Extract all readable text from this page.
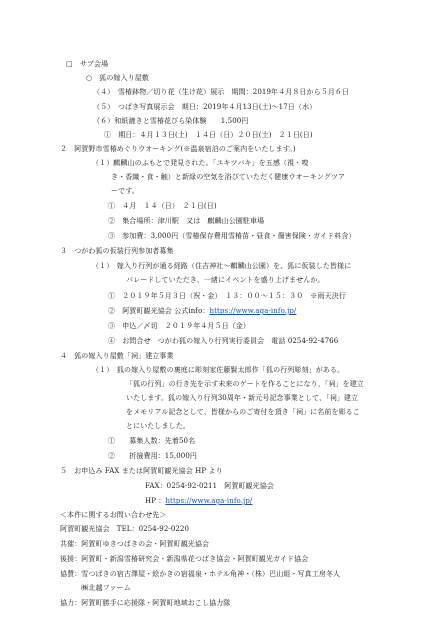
□　サブ会場
○　狐の嫁入り屋敷
（４）　雪椿鉢物／切り花（生け花）展示　期間：2019年４月８日から５月６日
（５）　つばき写真展示会　期日：2019年４月13日(土)～17日（水）
（６）和紙漉きと雪椿花びら染体験　　1,500円
①　期日：４月１３日(土)　１４日（日）２０日(土)　２１日(日)
２　阿賀野市雪椿めぐりウオーキング(※温泉宿泊のご案内をいたします。)
（１）麒麟山のふもとで発見された。「ユキツバキ」を五感（視・嗅
き・香織・食・触）と新緑の空気を浴びていただく健康ウオーキングツア
ーです。
①　４月　１４（日）　２１日(日)
②　集合場所：津川駅　又は　麒麟山公園駐車場
③　参加費：3,000円（雪椿保存費用雪椿苗・昼食・傷害保険・ガイド料含）
３　つがわ狐の仮装行列参加者募集
（１）　嫁入り行列が通る経路（住吉神社～麒麟山公園）を、狐に仮装した皆様に
パレードしていただき、一緒にイベントを盛り上げませんか。
①　２０１９年５月３日（祝・金）　１３：００～１５：３０　※雨天決行
②　阿賀町観光協会 公式info：https://www.aga-info.jp/
③　申込／〆切　２０１９年４月５日（金）
④　お問合せ　つがわ狐の嫁入り行列実行委員会　電話 0254-92-4766
４　狐の嫁入り屋敷「祠」建立事業
（１）　狐の嫁入り屋敷の裏庭に彫刻家佐藤賢太郎作「狐の行列彫刻」がある。
「狐の行列」の行き先を示す未来のゲートを作ることになり、「祠」を建立
いたします。狐の嫁入り行列30周年・新元号記念事業として、「祠」建立
をメモリアル記念として、皆様からのご寄付を頂き「祠」に名前を彫るこ
とにいたしました。
①　　募集人数：先着50名
②　　折撿費用：15,000円
５　お申込み FAX または阿賀町観光協会 HP より
FAX：0254-92-0211　阿賀町観光協会
HP ：https://www.aga-info.jp/
＜本件に関するお問い合わせ先＞
阿賀町観光協会　TEL：0254-92-0220
共催：阿賀町ゆきつばきの会・阿賀町観光協会
後援：阿賀町・新潟雪椿研究会・新潟県花つばき協会・阿賀町観光ガイド協会
協賛：雪つばきの宿古澤屋・絵かきの宿福泉・ホテル角神・（株）巴山組・写真工房冬人
　　　㈱北越ファーム
協力：阿賀町勝手に応援隊・阿賀町地域おこし協力隊
